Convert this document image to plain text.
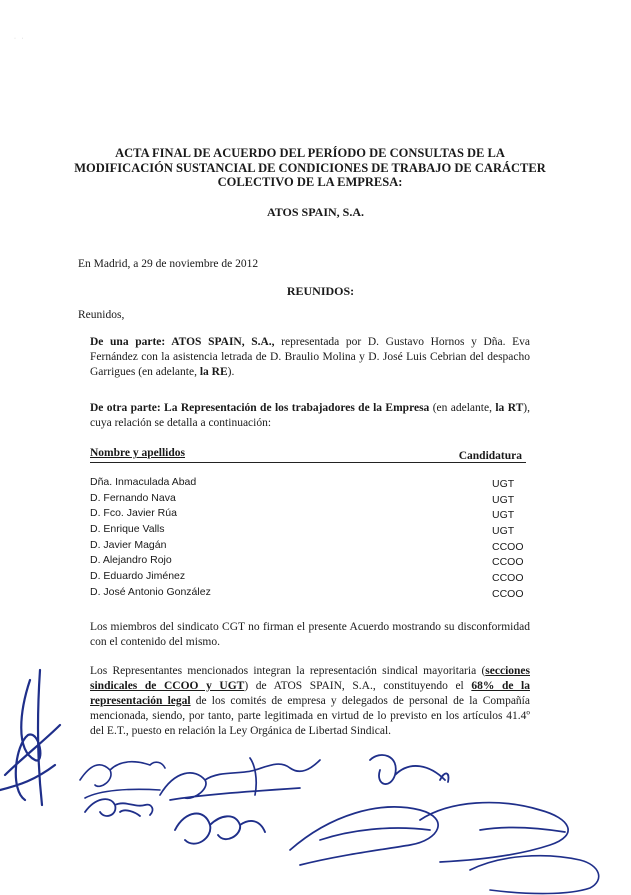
· ·
ACTA FINAL DE ACUERDO DEL PERÍODO DE CONSULTAS DE LA
MODIFICACIÓN SUSTANCIAL DE CONDICIONES DE TRABAJO DE CARÁCTER
COLECTIVO DE LA EMPRESA:
ATOS SPAIN, S.A.
En Madrid, a 29 de noviembre de 2012
REUNIDOS:
Reunidos,
De una parte: ATOS SPAIN, S.A., representada por D. Gustavo Hornos y Dña. Eva Fernández con la asistencia letrada de D. Braulio Molina y D. José Luis Cebrian del despacho Garrigues (en adelante, la RE).
De otra parte: La Representación de los trabajadores de la Empresa (en adelante, la RT), cuya relación se detalla a continuación:
Nombre y apellidos	Candidatura
Dña. Inmaculada Abad	UGT
D. Fernando Nava	UGT
D. Fco. Javier Rúa	UGT
D. Enrique Valls	UGT
D. Javier Magán	CCOO
D. Alejandro Rojo	CCOO
D. Eduardo Jiménez	CCOO
D. José Antonio González	CCOO
Los miembros del sindicato CGT no firman el presente Acuerdo mostrando su disconformidad con el contenido del mismo.
Los Representantes mencionados integran la representación sindical mayoritaria (secciones sindicales de CCOO y UGT) de ATOS SPAIN, S.A., constituyendo el 68% de la representación legal de los comités de empresa y delegados de personal de la Compañía mencionada, siendo, por tanto, parte legitimada en virtud de lo previsto en los artículos 41.4º del E.T., puesto en relación la Ley Orgánica de Libertad Sindical.
